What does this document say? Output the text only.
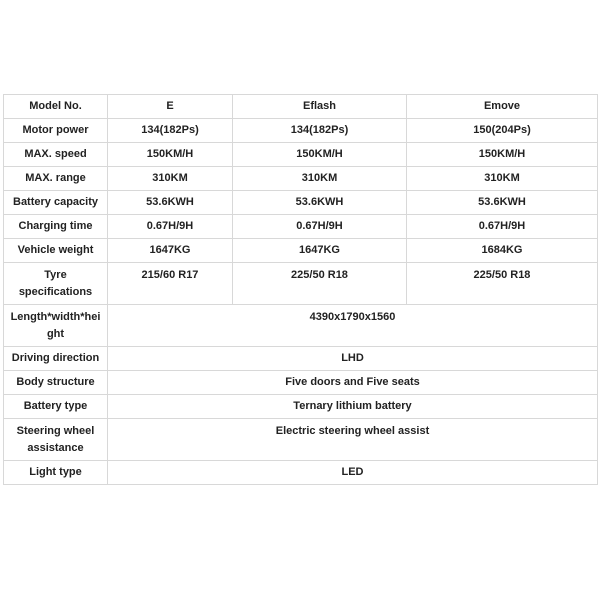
Model No.	E	Eflash	Emove
Motor power	134(182Ps)	134(182Ps)	150(204Ps)
MAX. speed	150KM/H	150KM/H	150KM/H
MAX. range	310KM	310KM	310KM
Battery capacity	53.6KWH	53.6KWH	53.6KWH
Charging time	0.67H/9H	0.67H/9H	0.67H/9H
Vehicle weight	1647KG	1647KG	1684KG
Tyre specifications	215/60 R17	225/50 R18	225/50 R18
Length*width*height	4390x1790x1560		
Driving direction	LHD		
Body structure	Five doors and Five seats		
Battery type	Ternary lithium battery		
Steering wheel assistance	Electric steering wheel assist		
Light type	LED		
